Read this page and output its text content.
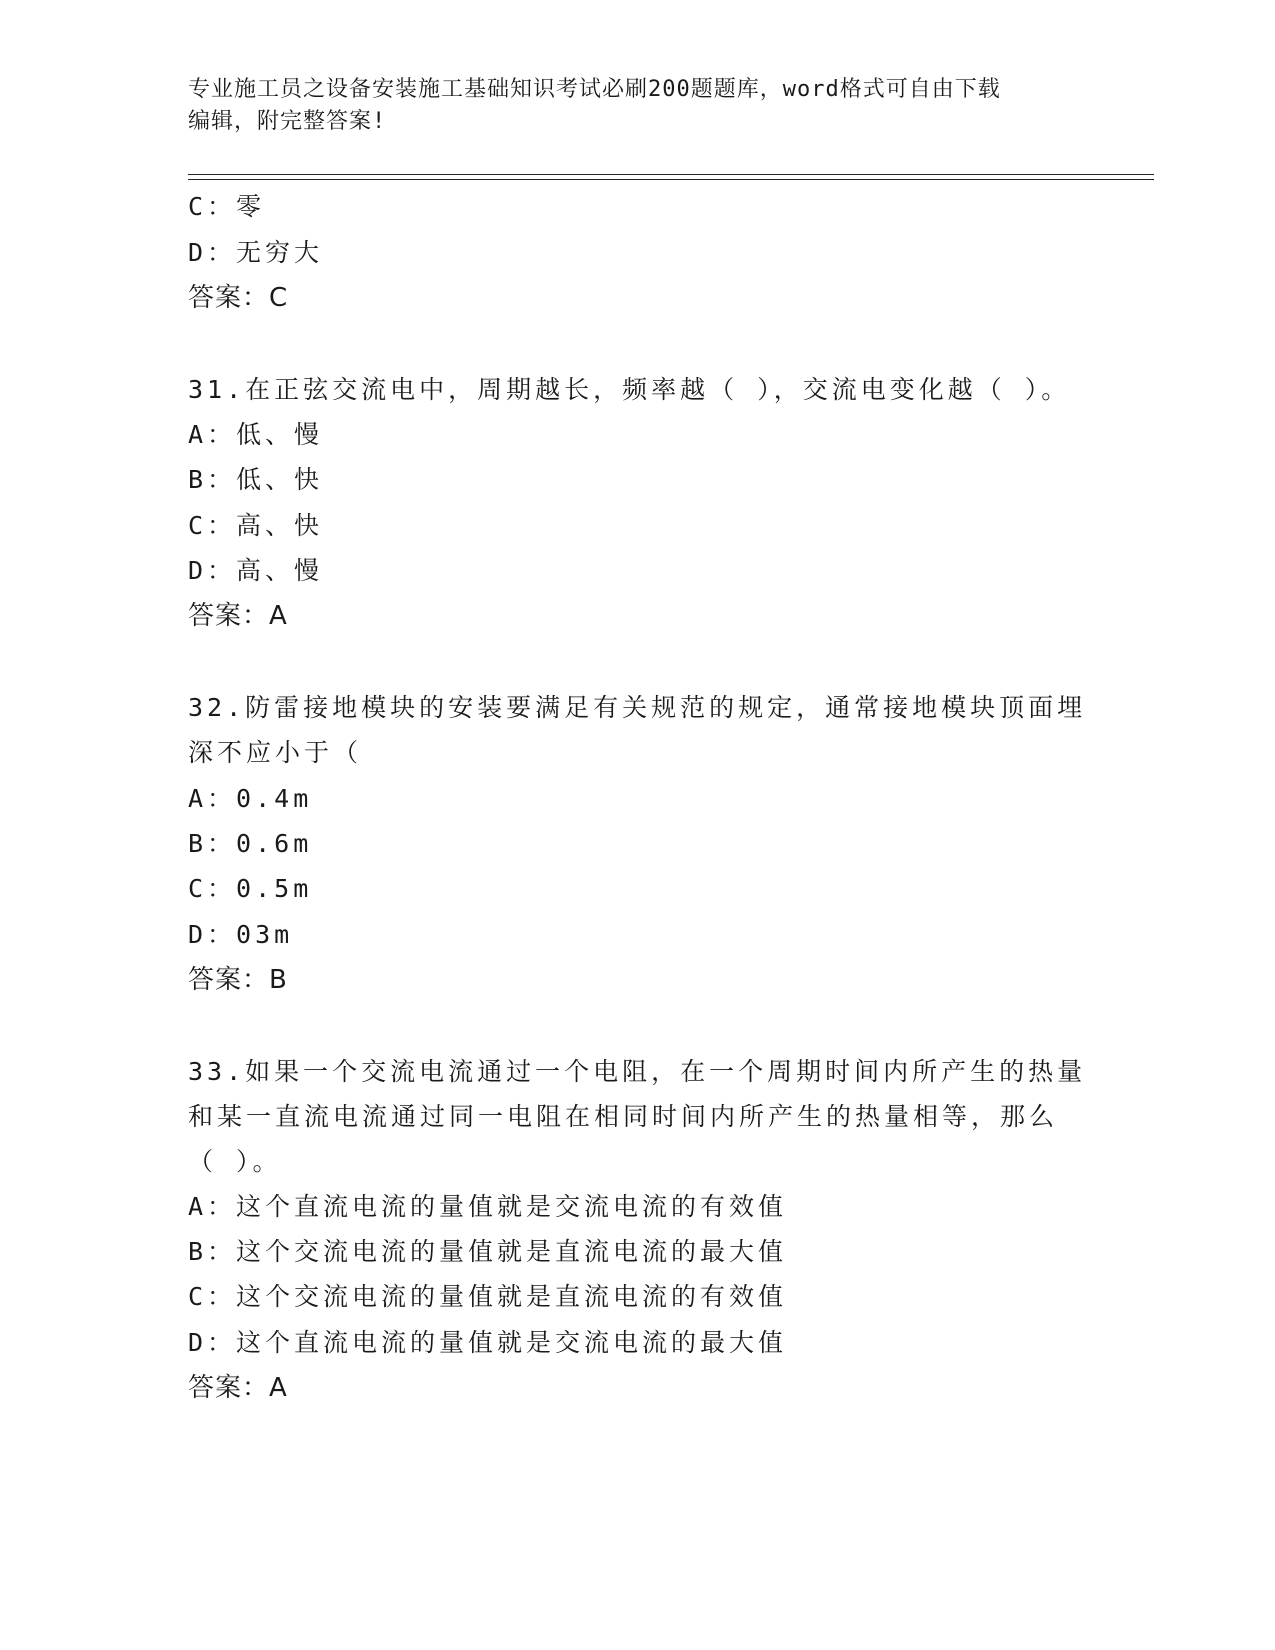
专业施工员之设备安装施工基础知识考试必刷200题题库，word格式可自由下载
编辑，附完整答案!
C：零
D：无穷大
答案：C
31.在正弦交流电中，周期越长，频率越（ ），交流电变化越（ ）。
A：低、慢
B：低、快
C：高、快
D：高、慢
答案：A
32.防雷接地模块的安装要满足有关规范的规定，通常接地模块顶面埋
深不应小于（
A：0.4m
B：0.6m
C：0.5m
D：03m
答案：B
33.如果一个交流电流通过一个电阻，在一个周期时间内所产生的热量
和某一直流电流通过同一电阻在相同时间内所产生的热量相等，那么
（ ）。
A：这个直流电流的量值就是交流电流的有效值
B：这个交流电流的量值就是直流电流的最大值
C：这个交流电流的量值就是直流电流的有效值
D：这个直流电流的量值就是交流电流的最大值
答案：A
